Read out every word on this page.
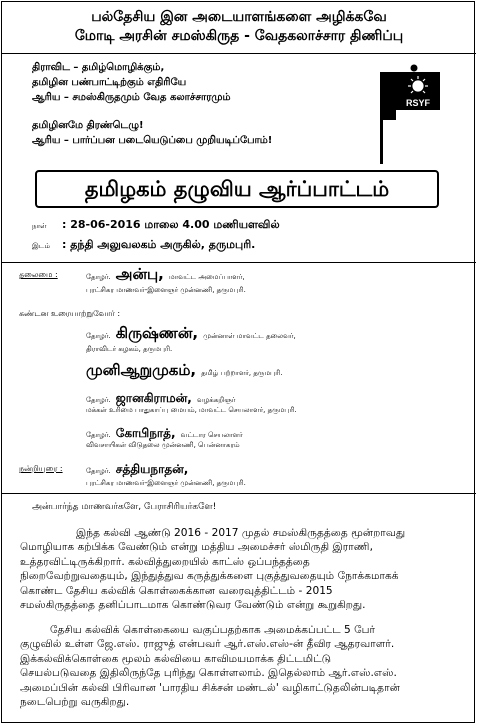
பல்தேசிய இன அடையாளங்களை அழிக்கவே
மோடி அரசின் சமஸ்கிருத - வேதகலாச்சார திணிப்பு
திராவிட – தமிழ்மொழிக்கும்,
தமிழின பண்பாட்டிற்கும் எதிரியே
ஆரிய – சமஸ்கிருதமும் வேத கலாச்சாரமும்
தமிழினமே திரண்டெழு!
ஆரிய – பார்ப்பன படையெடுப்பை முறியடிப்போம்!
RSYF
தமிழகம் தழுவிய ஆர்ப்பாட்டம்
நாள் : 28-06-2016 மாலை 4.00 மணியளவில்
இடம் : தந்தி அலுவலகம் அருகில், தருமபுரி.
தலைமை :	தோழர். அன்பு, மாவட்ட அமைப்பாளர்,
புரட்சிகர மாணவர்-இளைஞர் முன்னணி, தருமபுரி.
கண்டன உரையாற்றுவோர் :
தோழர். கிருஷ்ணன், முன்னாள் மாவட்ட தலைவர்,
திராவிடர் கழகம், தருமபுரி.
முனிஆறுமுகம், தமிழ் பற்றாளர், தருமபுரி.
தோழர். ஜானகிராமன், வழக்கறிஞர்
மக்கள் உரிமை பாதுகாப்பு மையம், மாவட்ட செயலாளர், தருமபுரி.
தோழர். கோபிநாத், வட்டார செயலாளர்
விவசாயிகள் விடுதலை முன்னணி, பென்னாகரம்
நன்றியுரை :	தோழர். சத்தியநாதன்,
புரட்சிகர மாணவர்-இளைஞர் முன்னணி, தருமபுரி.
அன்பார்ந்த மாணவர்களே, பேராசிரியர்களே!
இந்த கல்வி ஆண்டு 2016 - 2017 முதல் சமஸ்கிருதத்தை மூன்றாவது
மொழியாக கற்பிக்க வேண்டும் என்று மத்திய அமைச்சர் ஸ்மிருதி இராணி,
உத்தரவிட்டிருக்கிறார். கல்வித்துறையில் காட்ஸ் ஒப்பந்தத்தை
நிறைவேற்றுவதையும், இந்துத்துவ கருத்துக்களை புகுத்துவதையும் நோக்கமாகக்
கொண்ட தேசிய கல்விக் கொள்கைக்கான வரைவுத்திட்டம் - 2015
சமஸ்கிருதத்தை தனிப்பாடமாக கொண்டுவர வேண்டும் என்று கூறுகிறது.
தேசிய கல்விக் கொள்கையை வகுப்பதற்காக அமைக்கப்பட்ட 5 பேர்
குழுவில் உள்ள ஜே.எஸ். ராஜுத் என்பவர் ஆர்.எஸ்.எஸ்-ன் தீவிர ஆதரவாளர்.
இக்கல்விக்கொள்கை மூலம் கல்வியை காவிமயமாக்க திட்டமிட்டு
செயல்படுவதை இதிலிருந்தே புரிந்து கொள்ளலாம். இதெல்லாம் ஆர்.எஸ்.எஸ்.
அமைப்பின் கல்வி பிரிவான 'பாரதிய சிக்சன் மண்டல்' வழிகாட்டுதலின்படிதான்
நடைபெற்று வருகிறது.
